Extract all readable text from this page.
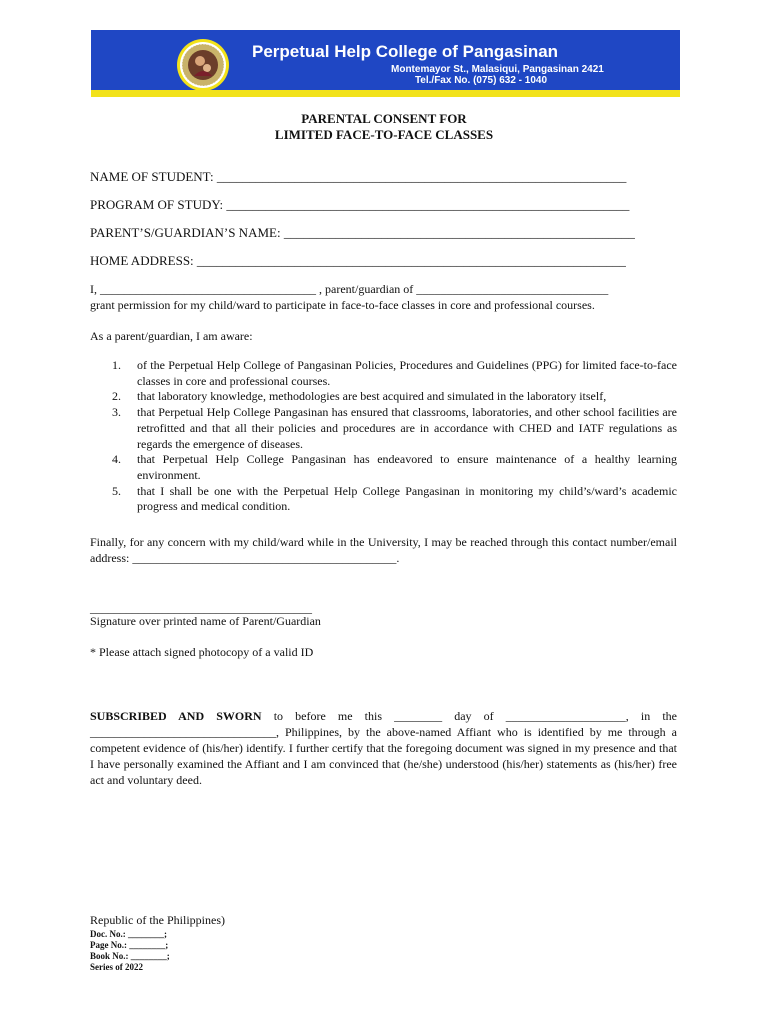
Perpetual Help College of Pangasinan
Montemayor St., Malasiqui, Pangasinan 2421
Tel./Fax No. (075) 632 - 1040
PARENTAL CONSENT FOR
LIMITED FACE-TO-FACE CLASSES
NAME OF STUDENT: _______________________________________________________________
PROGRAM OF STUDY: ______________________________________________________________
PARENT’S/GUARDIAN’S NAME: ______________________________________________________
HOME ADDRESS: __________________________________________________________________
I, ____________________________________ , parent/guardian of ________________________________
grant permission for my child/ward to participate in face-to-face classes in core and professional courses.
As a parent/guardian, I am aware:
1. of the Perpetual Help College of Pangasinan Policies, Procedures and Guidelines (PPG) for limited face-to-face classes in core and professional courses.
2. that laboratory knowledge, methodologies are best acquired and simulated in the laboratory itself,
3. that Perpetual Help College Pangasinan has ensured that classrooms, laboratories, and other school facilities are retrofitted and that all their policies and procedures are in accordance with CHED and IATF regulations as regards the emergence of diseases.
4. that Perpetual Help College Pangasinan has endeavored to ensure maintenance of a healthy learning environment.
5. that I shall be one with the Perpetual Help College Pangasinan in monitoring my child’s/ward’s academic progress and medical condition.
Finally, for any concern with my child/ward while in the University, I may be reached through this contact number/email address: ____________________________________________.
_____________________________________
Signature over printed name of Parent/Guardian
* Please attach signed photocopy of a valid ID
SUBSCRIBED AND SWORN to before me this ________ day of ____________________, in the _______________________________, Philippines, by the above-named Affiant who is identified by me through a competent evidence of (his/her) identify. I further certify that the foregoing document was signed in my presence and that I have personally examined the Affiant and I am convinced that (he/she) understood (his/her) statements as (his/her) free act and voluntary deed.
Republic of the Philippines)
Doc. No.: ________;
Page No.: ________;
Book No.: ________;
Series of 2022
